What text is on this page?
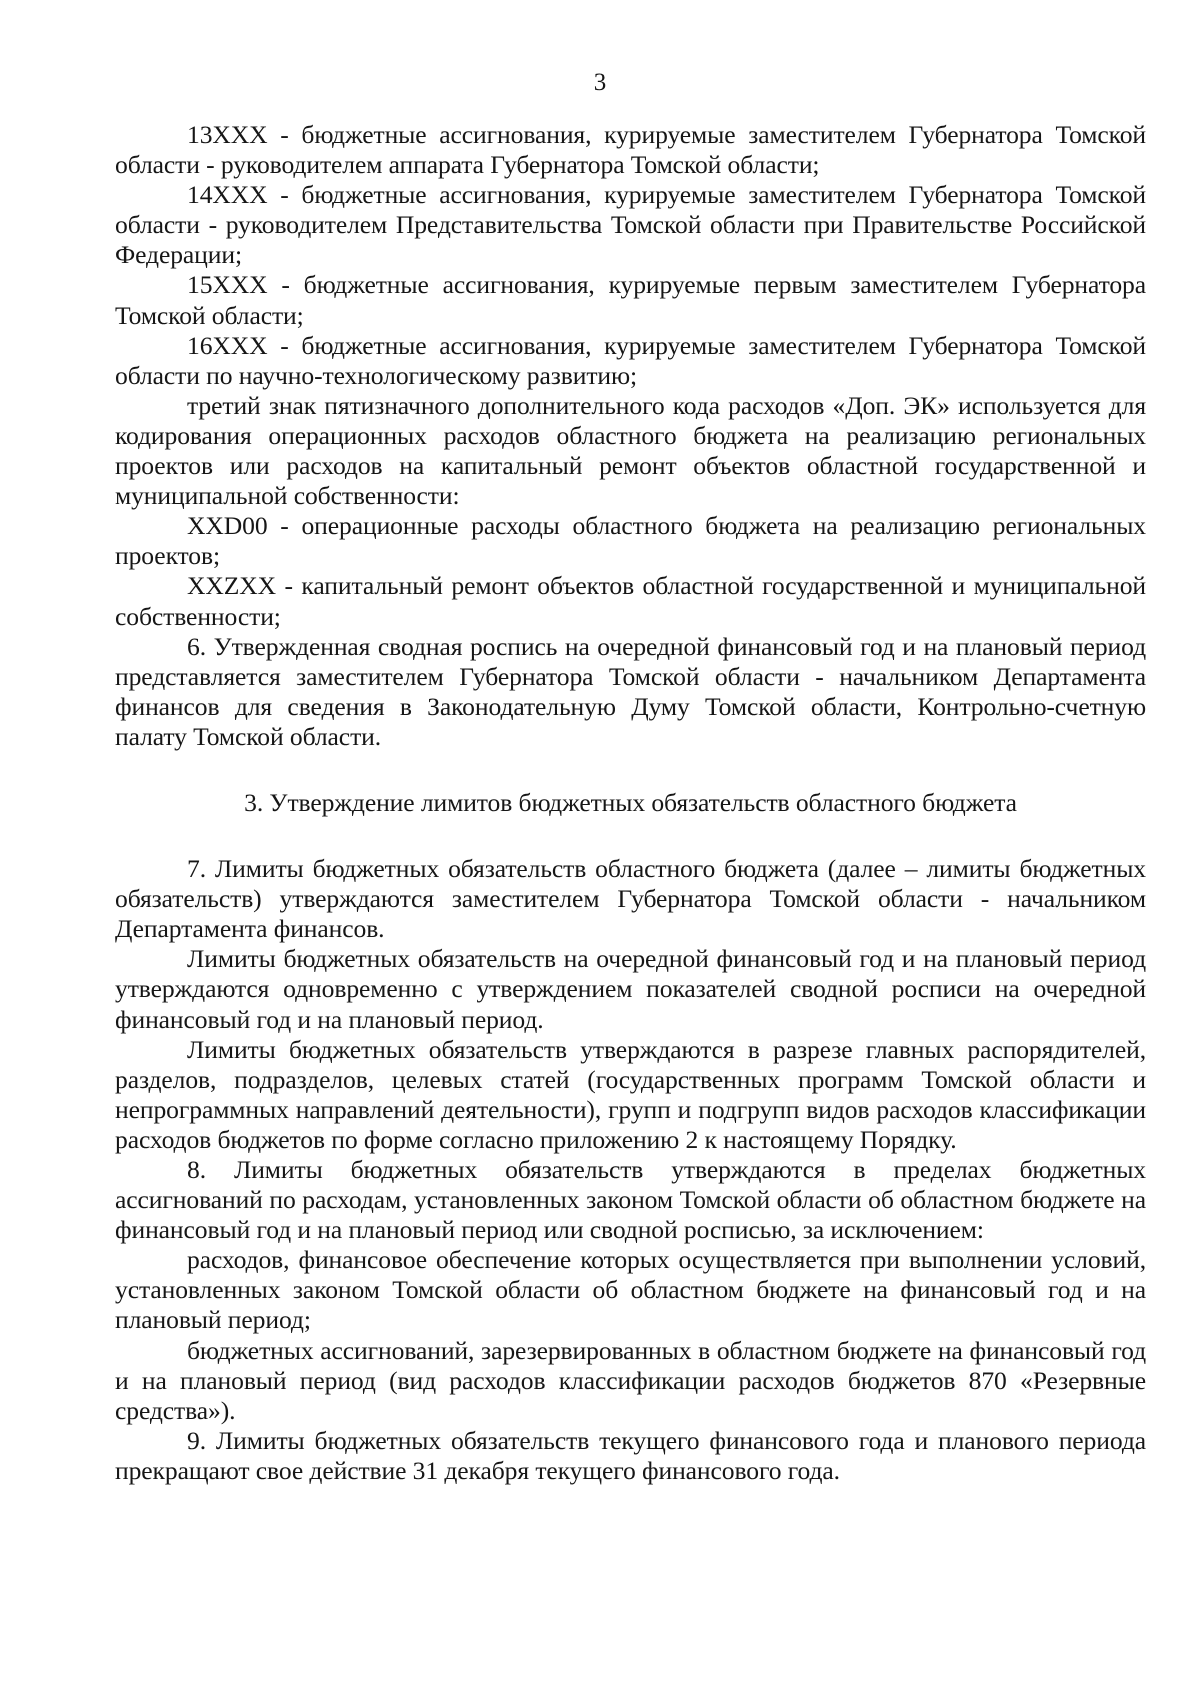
3

13XXX - бюджетные ассигнования, курируемые заместителем Губернатора Томской области - руководителем аппарата Губернатора Томской области;

14XXX - бюджетные ассигнования, курируемые заместителем Губернатора Томской области - руководителем Представительства Томской области при Правительстве Российской Федерации;

15XXX - бюджетные ассигнования, курируемые первым заместителем Губернатора Томской области;

16XXX - бюджетные ассигнования, курируемые заместителем Губернатора Томской области по научно-технологическому развитию;

третий знак пятизначного дополнительного кода расходов «Доп. ЭК» используется для кодирования операционных расходов областного бюджета на реализацию региональных проектов или расходов на капитальный ремонт объектов областной государственной и муниципальной собственности:

XXD00 - операционные расходы областного бюджета на реализацию региональных проектов;

XXZXX - капитальный ремонт объектов областной государственной и муниципальной собственности;

6. Утвержденная сводная роспись на очередной финансовый год и на плановый период представляется заместителем Губернатора Томской области - начальником Департамента финансов для сведения в Законодательную Думу Томской области, Контрольно-счетную палату Томской области.

3. Утверждение лимитов бюджетных обязательств областного бюджета

7. Лимиты бюджетных обязательств областного бюджета (далее – лимиты бюджетных обязательств) утверждаются заместителем Губернатора Томской области - начальником Департамента финансов.

Лимиты бюджетных обязательств на очередной финансовый год и на плановый период утверждаются одновременно с утверждением показателей сводной росписи на очередной финансовый год и на плановый период.

Лимиты бюджетных обязательств утверждаются в разрезе главных распорядителей, разделов, подразделов, целевых статей (государственных программ Томской области и непрограммных направлений деятельности), групп и подгрупп видов расходов классификации расходов бюджетов по форме согласно приложению 2 к настоящему Порядку.

8. Лимиты бюджетных обязательств утверждаются в пределах бюджетных ассигнований по расходам, установленных законом Томской области об областном бюджете на финансовый год и на плановый период или сводной росписью, за исключением:

расходов, финансовое обеспечение которых осуществляется при выполнении условий, установленных законом Томской области об областном бюджете на финансовый год и на плановый период;

бюджетных ассигнований, зарезервированных в областном бюджете на финансовый год и на плановый период (вид расходов классификации расходов бюджетов 870 «Резервные средства»).

9. Лимиты бюджетных обязательств текущего финансового года и планового периода прекращают свое действие 31 декабря текущего финансового года.
